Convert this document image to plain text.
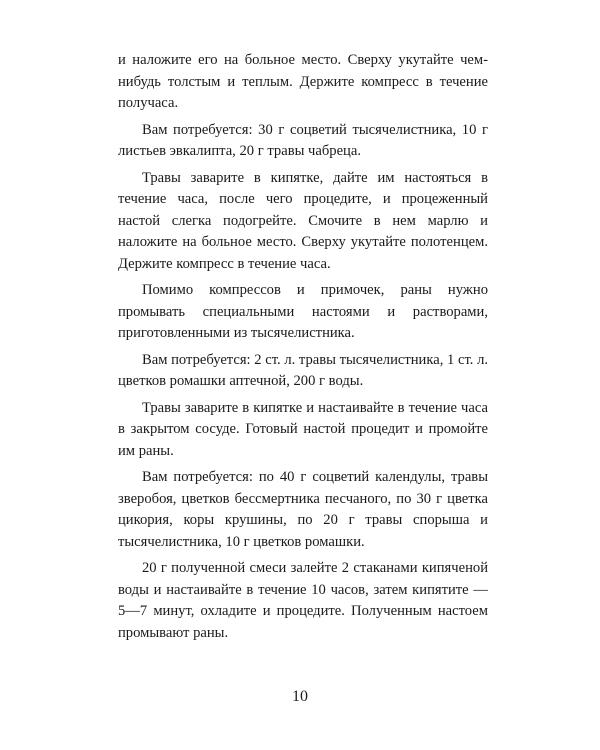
и наложите его на больное место. Сверху укутайте чем-нибудь толстым и теплым. Держите компресс в течение получаса.

Вам потребуется: 30 г соцветий тысячелистника, 10 г листьев эвкалипта, 20 г травы чабреца.

Травы заварите в кипятке, дайте им настояться в течение часа, после чего процедите, и процеженный настой слегка подогрейте. Смочите в нем марлю и наложите на больное место. Сверху укутайте полотенцем. Держите компресс в течение часа.

Помимо компрессов и примочек, раны нужно промывать специальными настоями и растворами, приготовленными из тысячелистника.

Вам потребуется: 2 ст. л. травы тысячелистника, 1 ст. л. цветков ромашки аптечной, 200 г воды.

Травы заварите в кипятке и настаивайте в течение часа в закрытом сосуде. Готовый настой процедит и промойте им раны.

Вам потребуется: по 40 г соцветий календулы, травы зверобоя, цветков бессмертника песчаного, по 30 г цветка цикория, коры крушины, по 20 г травы спорыша и тысячелистника, 10 г цветков ромашки.

20 г полученной смеси залейте 2 стаканами кипяченой воды и настаивайте в течение 10 часов, затем кипятите — 5—7 минут, охладите и процедите. Полученным настоем промывают раны.

10
